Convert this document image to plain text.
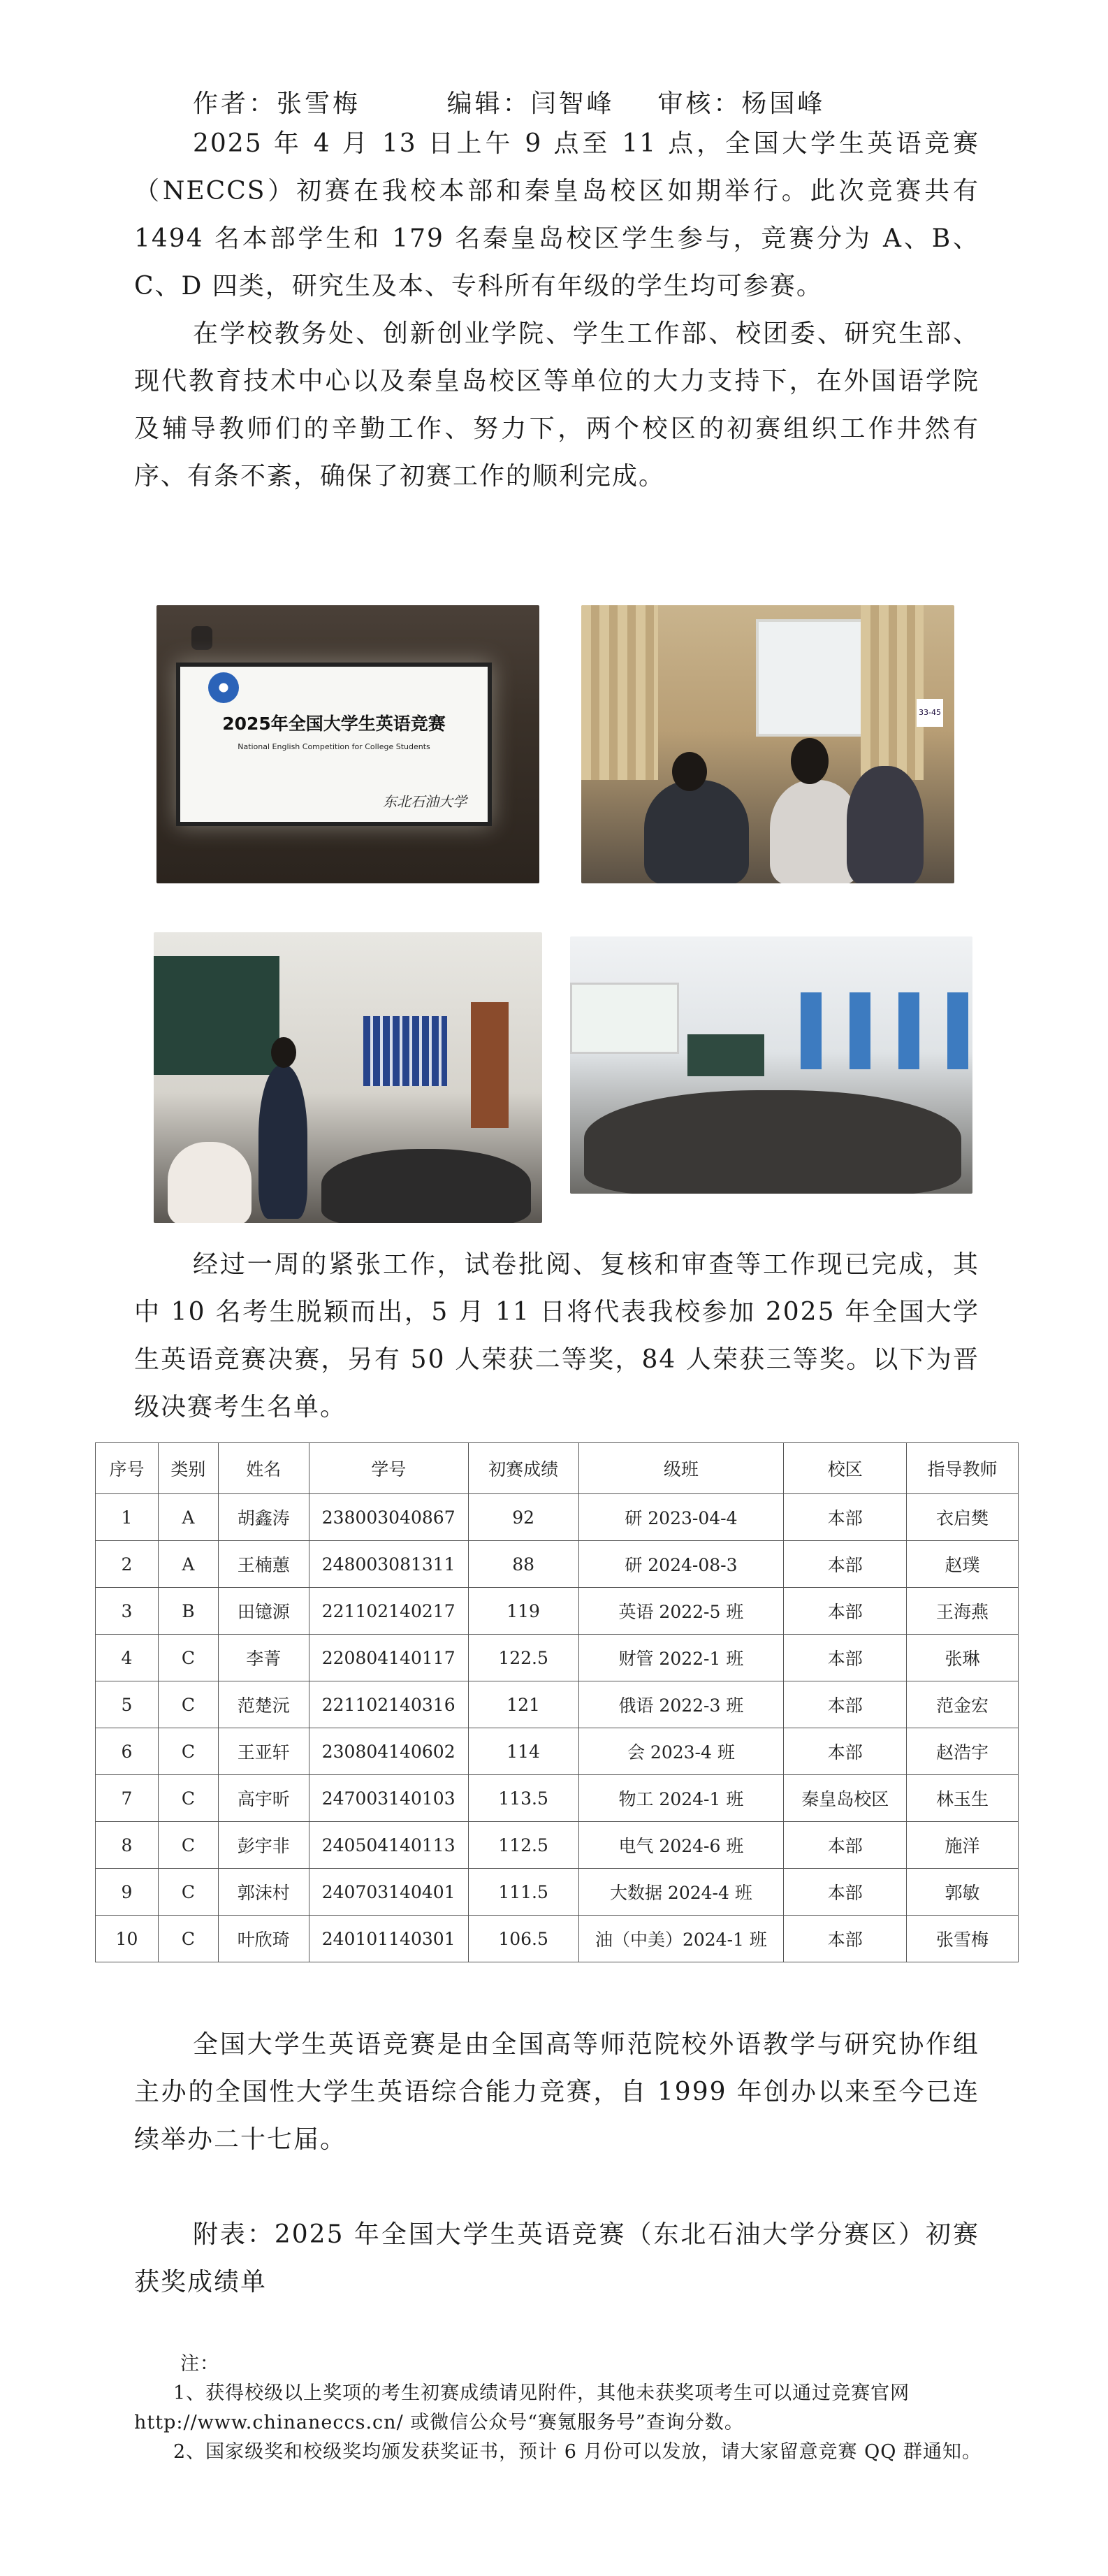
作者：张雪梅	编辑：闫智峰 审核：杨国峰

2025 年 4 月 13 日上午 9 点至 11 点，全国大学生英语竞赛（NECCS）初赛在我校本部和秦皇岛校区如期举行。此次竞赛共有 1494 名本部学生和 179 名秦皇岛校区学生参与，竞赛分为 A、B、C、D 四类，研究生及本、专科所有年级的学生均可参赛。

在学校教务处、创新创业学院、学生工作部、校团委、研究生部、现代教育技术中心以及秦皇岛校区等单位的大力支持下，在外国语学院及辅导教师们的辛勤工作、努力下，两个校区的初赛组织工作井然有序、有条不紊，确保了初赛工作的顺利完成。

2025年全国大学生英语竞赛
National English Competition for College Students
东北石油大学
33-45

经过一周的紧张工作，试卷批阅、复核和审查等工作现已完成，其中 10 名考生脱颖而出，5 月 11 日将代表我校参加 2025 年全国大学生英语竞赛决赛，另有 50 人荣获二等奖，84 人荣获三等奖。以下为晋级决赛考生名单。

序号	类别	姓名	学号	初赛成绩	级班	校区	指导教师
1	A	胡鑫涛	238003040867	92	研 2023-04-4	本部	衣启樊
2	A	王楠蕙	248003081311	88	研 2024-08-3	本部	赵璞
3	B	田镱源	221102140217	119	英语 2022-5 班	本部	王海燕
4	C	李菁	220804140117	122.5	财管 2022-1 班	本部	张琳
5	C	范楚沅	221102140316	121	俄语 2022-3 班	本部	范金宏
6	C	王亚轩	230804140602	114	会 2023-4 班	本部	赵浩宇
7	C	高宇昕	247003140103	113.5	物工 2024-1 班	秦皇岛校区	林玉生
8	C	彭宇非	240504140113	112.5	电气 2024-6 班	本部	施洋
9	C	郭沫村	240703140401	111.5	大数据 2024-4 班	本部	郭敏
10	C	叶欣琦	240101140301	106.5	油（中美）2024-1 班	本部	张雪梅

全国大学生英语竞赛是由全国高等师范院校外语教学与研究协作组主办的全国性大学生英语综合能力竞赛，自 1999 年创办以来至今已连续举办二十七届。

附表：2025 年全国大学生英语竞赛（东北石油大学分赛区）初赛获奖成绩单

注：
1、获得校级以上奖项的考生初赛成绩请见附件，其他未获奖项考生可以通过竞赛官网 http://www.chinaneccs.cn/ 或微信公众号“赛氪服务号”查询分数。
2、国家级奖和校级奖均颁发获奖证书，预计 6 月份可以发放，请大家留意竞赛 QQ 群通知。
